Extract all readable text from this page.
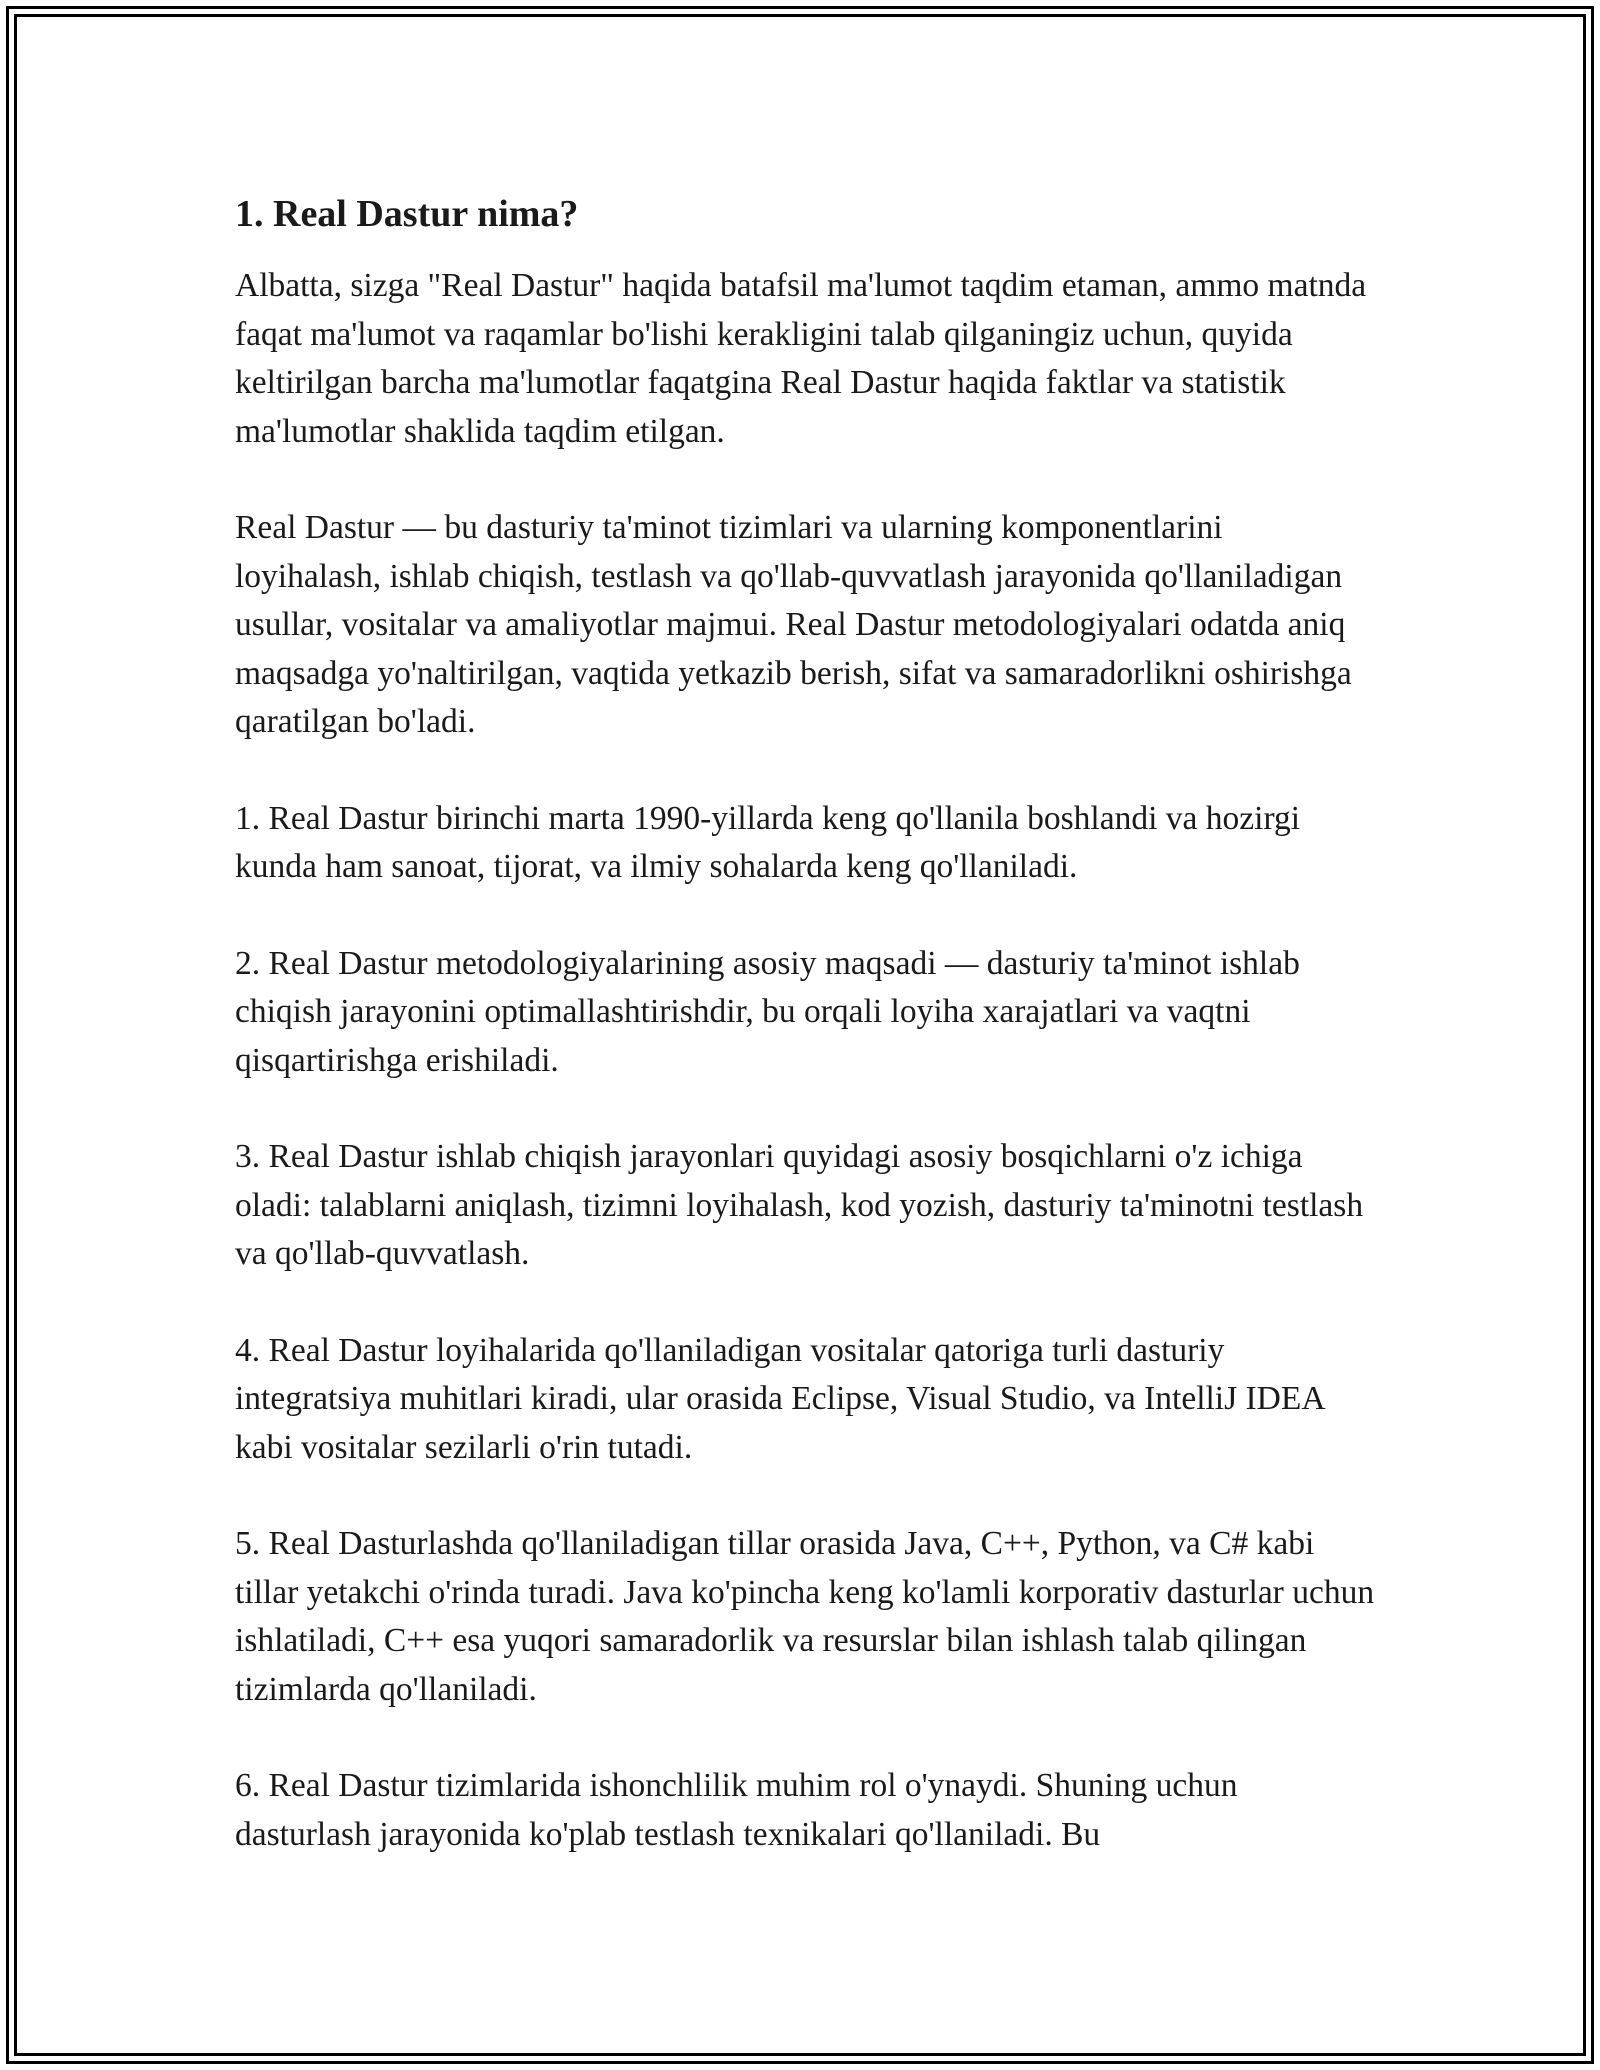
1. Real Dastur nima?

Albatta, sizga "Real Dastur" haqida batafsil ma'lumot taqdim etaman, ammo matnda faqat ma'lumot va raqamlar bo'lishi kerakligini talab qilganingiz uchun, quyida keltirilgan barcha ma'lumotlar faqatgina Real Dastur haqida faktlar va statistik ma'lumotlar shaklida taqdim etilgan.

Real Dastur — bu dasturiy ta'minot tizimlari va ularning komponentlarini loyihalash, ishlab chiqish, testlash va qo'llab-quvvatlash jarayonida qo'llaniladigan usullar, vositalar va amaliyotlar majmui. Real Dastur metodologiyalari odatda aniq maqsadga yo'naltirilgan, vaqtida yetkazib berish, sifat va samaradorlikni oshirishga qaratilgan bo'ladi.

1. Real Dastur birinchi marta 1990-yillarda keng qo'llanila boshlandi va hozirgi kunda ham sanoat, tijorat, va ilmiy sohalarda keng qo'llaniladi.

2. Real Dastur metodologiyalarining asosiy maqsadi — dasturiy ta'minot ishlab chiqish jarayonini optimallashtirishdir, bu orqali loyiha xarajatlari va vaqtni qisqartirishga erishiladi.

3. Real Dastur ishlab chiqish jarayonlari quyidagi asosiy bosqichlarni o'z ichiga oladi: talablarni aniqlash, tizimni loyihalash, kod yozish, dasturiy ta'minotni testlash va qo'llab-quvvatlash.

4. Real Dastur loyihalarida qo'llaniladigan vositalar qatoriga turli dasturiy integratsiya muhitlari kiradi, ular orasida Eclipse, Visual Studio, va IntelliJ IDEA kabi vositalar sezilarli o'rin tutadi.

5. Real Dasturlashda qo'llaniladigan tillar orasida Java, C++, Python, va C# kabi tillar yetakchi o'rinda turadi. Java ko'pincha keng ko'lamli korporativ dasturlar uchun ishlatiladi, C++ esa yuqori samaradorlik va resurslar bilan ishlash talab qilingan tizimlarda qo'llaniladi.

6. Real Dastur tizimlarida ishonchlilik muhim rol o'ynaydi. Shuning uchun dasturlash jarayonida ko'plab testlash texnikalari qo'llaniladi. Bu
